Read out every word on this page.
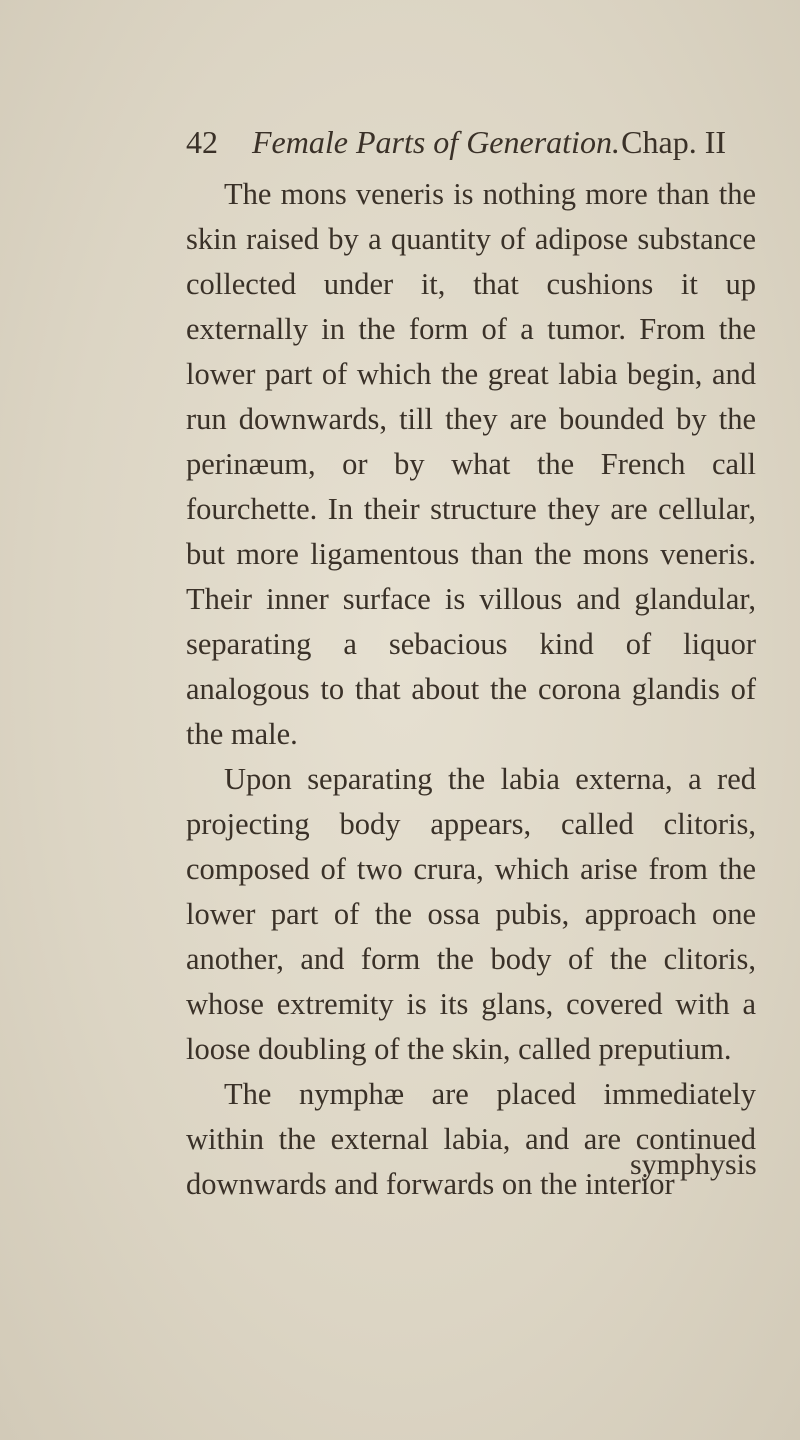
42	Female Parts of Generation. Chap. II

The mons veneris is nothing more than the skin raised by a quantity of adipose substance collected under it, that cushions it up externally in the form of a tumor. From the lower part of which the great labia begin, and run downwards, till they are bounded by the perinæum, or by what the French call fourchette. In their structure they are cellular, but more ligamentous than the mons veneris. Their inner surface is villous and glandular, separating a sebacious kind of liquor analogous to that about the corona glandis of the male.

Upon separating the labia externa, a red projecting body appears, called clitoris, composed of two crura, which arise from the lower part of the ossa pubis, approach one another, and form the body of the clitoris, whose extremity is its glans, covered with a loose doubling of the skin, called preputium.

The nymphæ are placed immediately within the external labia, and are continued downwards and forwards on the interior

symphysis
